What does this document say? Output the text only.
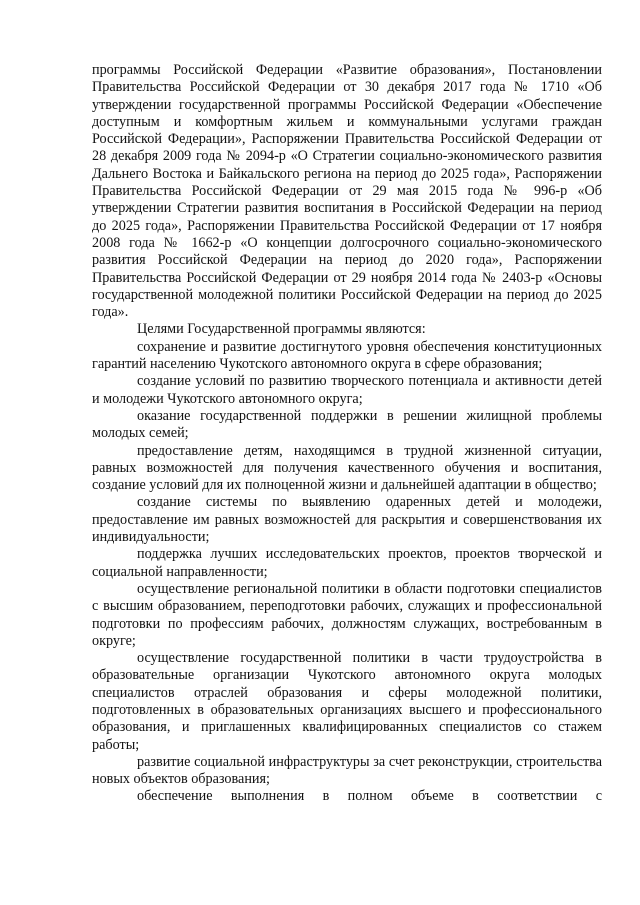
программы Российской Федерации «Развитие образования», Постановлении Правительства Российской Федерации от 30 декабря 2017 года № 1710 «Об утверждении государственной программы Российской Федерации «Обеспечение доступным и комфортным жильем и коммунальными услугами граждан Российской Федерации», Распоряжении Правительства Российской Федерации от 28 декабря 2009 года № 2094-р «О Стратегии социально-экономического развития Дальнего Востока и Байкальского региона на период до 2025 года», Распоряжении Правительства Российской Федерации от 29 мая 2015 года № 996-р «Об утверждении Стратегии развития воспитания в Российской Федерации на период до 2025 года», Распоряжении Правительства Российской Федерации от 17 ноября 2008 года № 1662-р «О концепции долгосрочного социально-экономического развития Российской Федерации на период до 2020 года», Распоряжении Правительства Российской Федерации от 29 ноября 2014 года № 2403-р «Основы государственной молодежной политики Российской Федерации на период до 2025 года».

Целями Государственной программы являются:

сохранение и развитие достигнутого уровня обеспечения конституционных гарантий населению Чукотского автономного округа в сфере образования;

создание условий по развитию творческого потенциала и активности детей и молодежи Чукотского автономного округа;

оказание государственной поддержки в решении жилищной проблемы молодых семей;

предоставление детям, находящимся в трудной жизненной ситуации, равных возможностей для получения качественного обучения и воспитания, создание условий для их полноценной жизни и дальнейшей адаптации в общество;

создание системы по выявлению одаренных детей и молодежи, предоставление им равных возможностей для раскрытия и совершенствования их индивидуальности;

поддержка лучших исследовательских проектов, проектов творческой и социальной направленности;

осуществление региональной политики в области подготовки специалистов с высшим образованием, переподготовки рабочих, служащих и профессиональной подготовки по профессиям рабочих, должностям служащих, востребованным в округе;

осуществление государственной политики в части трудоустройства в образовательные организации Чукотского автономного округа молодых специалистов отраслей образования и сферы молодежной политики, подготовленных в образовательных организациях высшего и профессионального образования, и приглашенных квалифицированных специалистов со стажем работы;

развитие социальной инфраструктуры за счет реконструкции, строительства новых объектов образования;

обеспечение выполнения в полном объеме в соответствии с
